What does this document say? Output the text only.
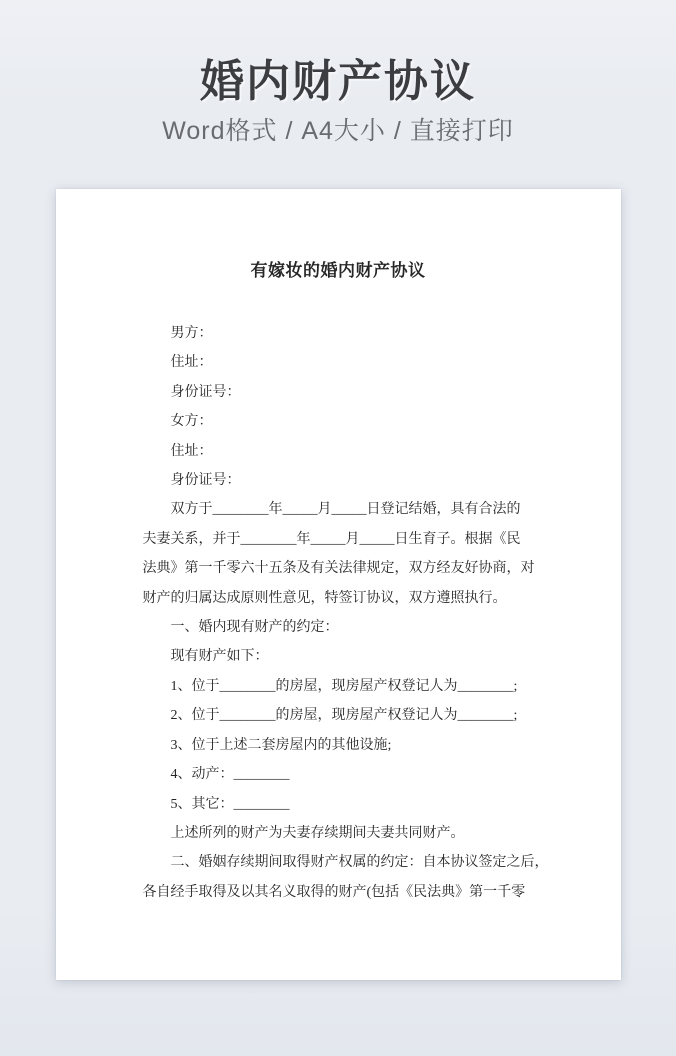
婚内财产协议
Word格式 / A4大小 / 直接打印
有嫁妆的婚内财产协议
男方：
住址：
身份证号：
女方：
住址：
身份证号：
双方于________年_____月_____日登记结婚，具有合法的
夫妻关系，并于________年_____月_____日生育子。根据《民
法典》第一千零六十五条及有关法律规定，双方经友好协商，对
财产的归属达成原则性意见，特签订协议，双方遵照执行。
一、婚内现有财产的约定：
现有财产如下：
1、位于________的房屋，现房屋产权登记人为________;
2、位于________的房屋，现房屋产权登记人为________;
3、位于上述二套房屋内的其他设施;
4、动产：________
5、其它：________
上述所列的财产为夫妻存续期间夫妻共同财产。
二、婚姻存续期间取得财产权属的约定：自本协议签定之后，
各自经手取得及以其名义取得的财产(包括《民法典》第一千零
